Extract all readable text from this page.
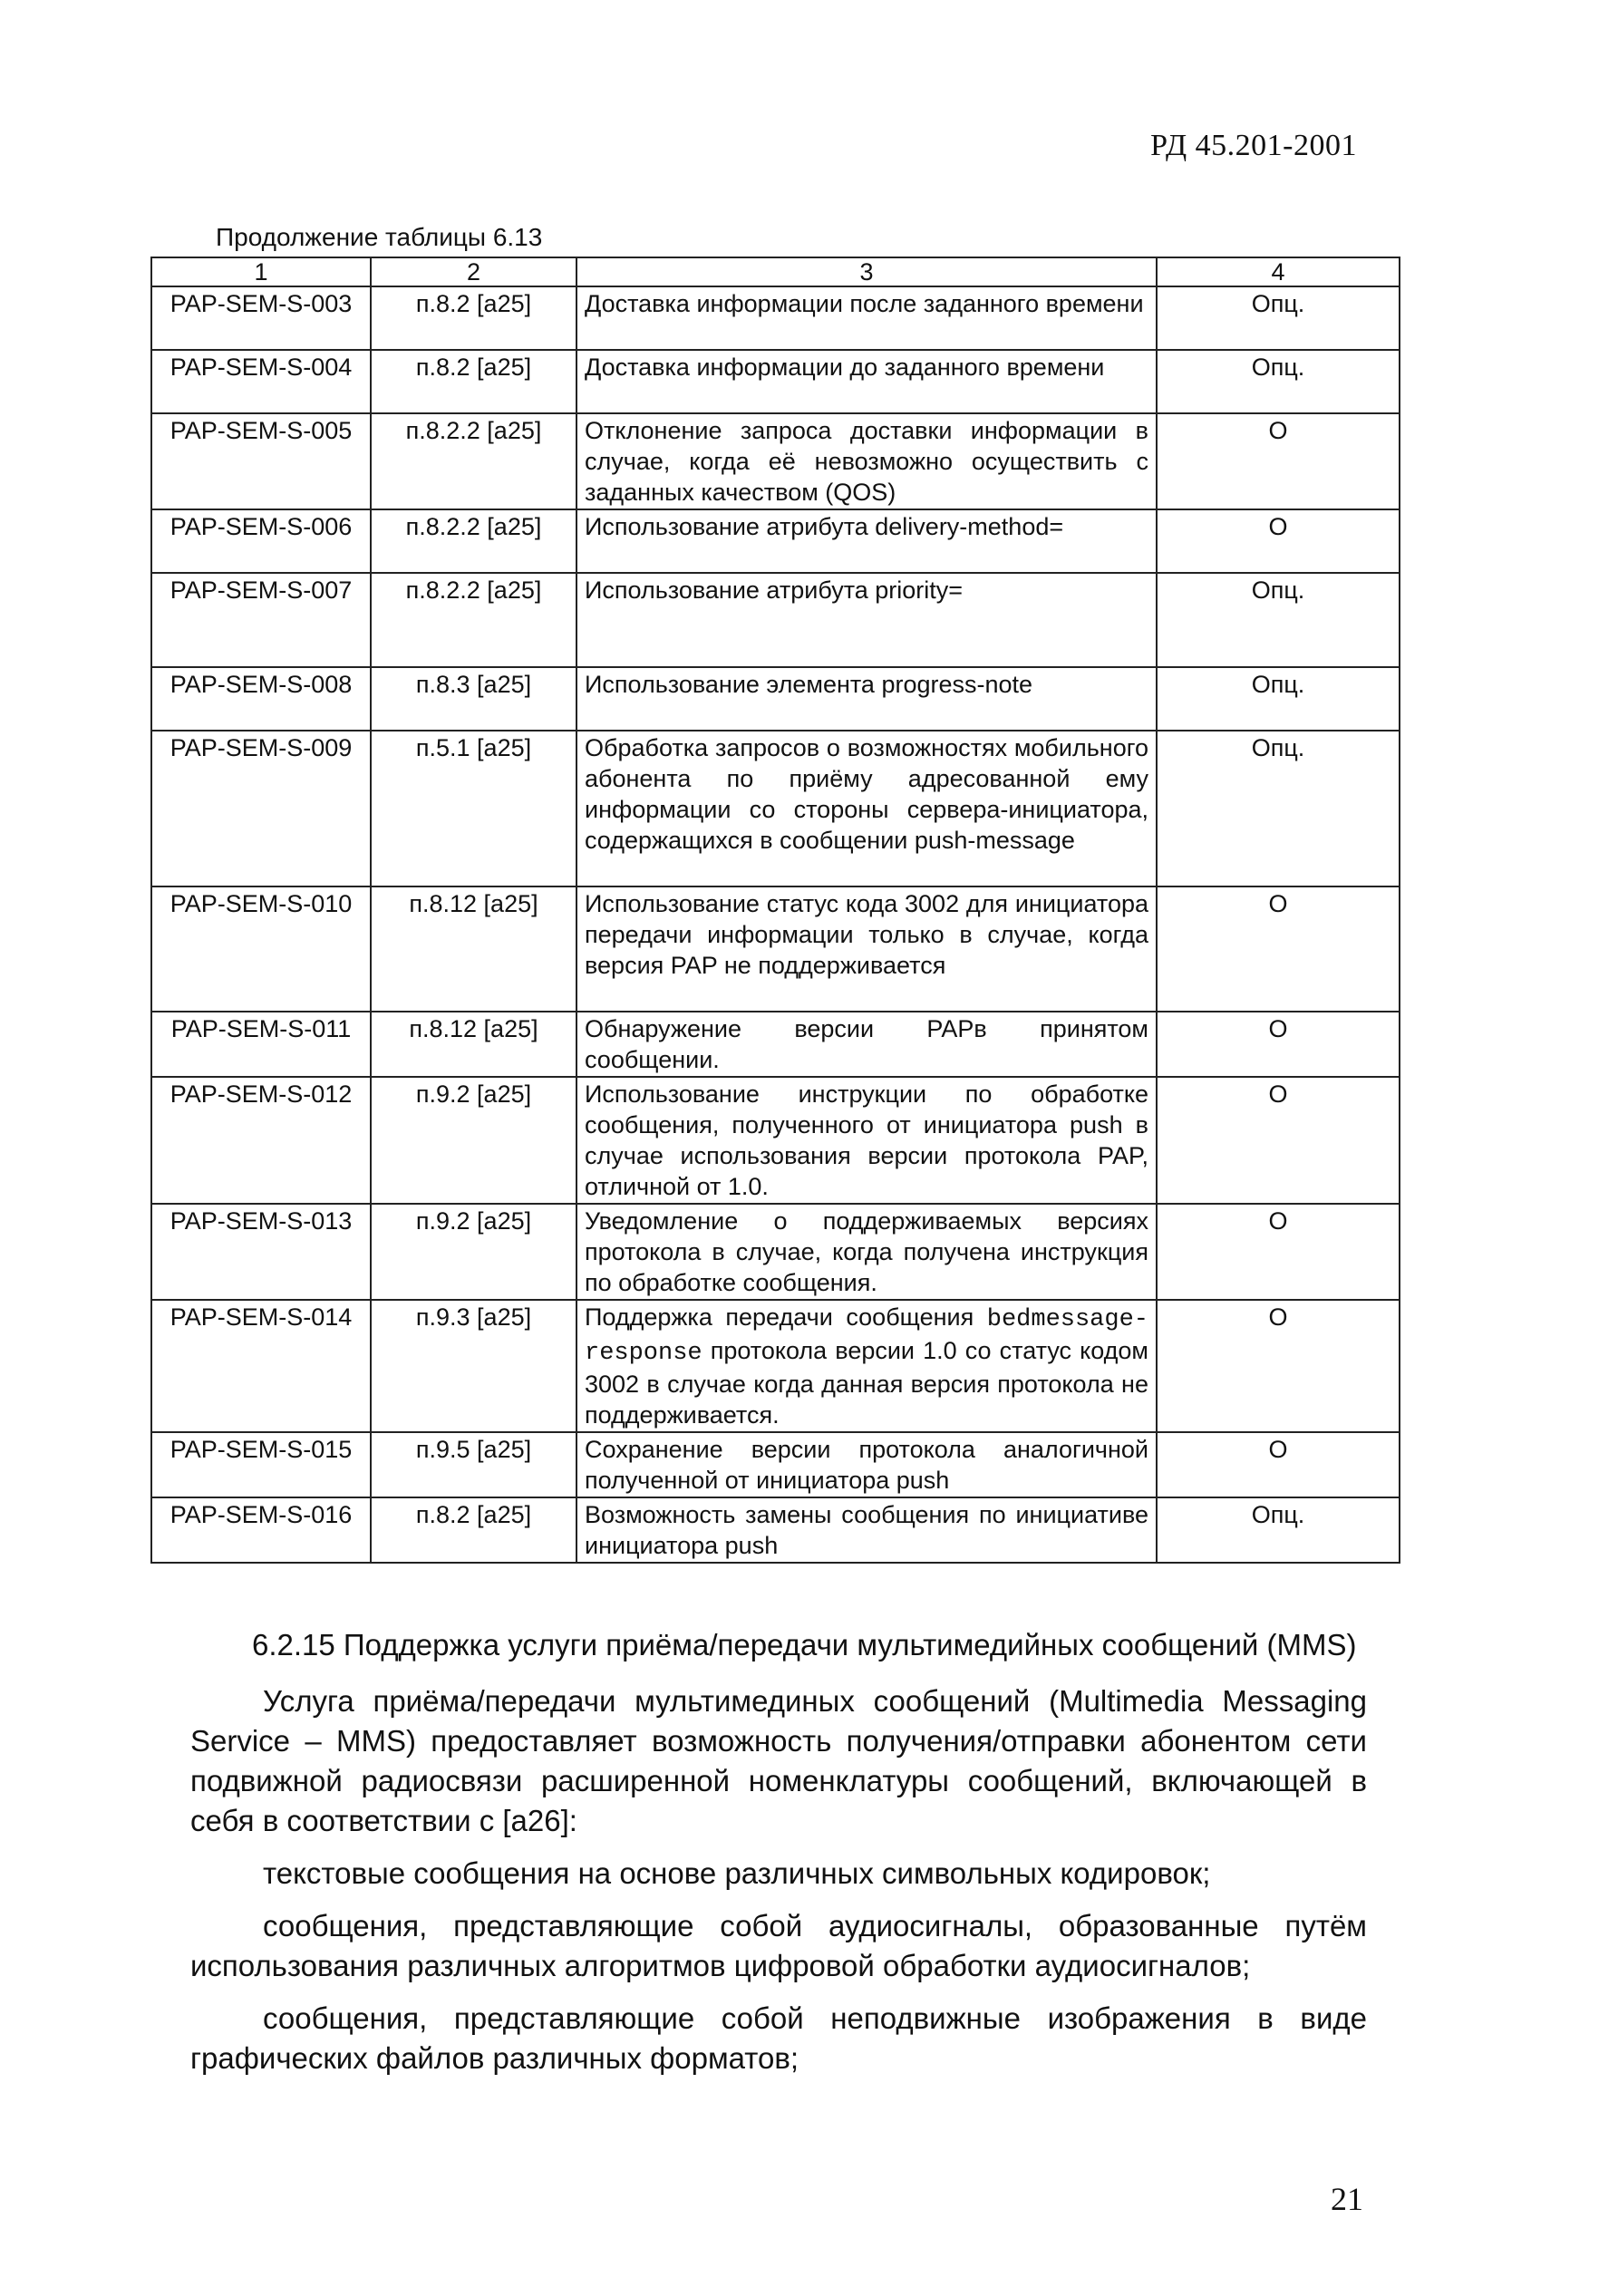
РД 45.201-2001
Продолжение таблицы 6.13
1	2	3	4
PAP-SEM-S-003	п.8.2 [a25]	Доставка информации после заданного времени	Опц.
PAP-SEM-S-004	п.8.2 [a25]	Доставка информации до заданного времени	Опц.
PAP-SEM-S-005	п.8.2.2 [a25]	Отклонение запроса доставки информации в случае, когда её невозможно осуществить с заданных качеством (QOS)	O
PAP-SEM-S-006	п.8.2.2 [a25]	Использование атрибута delivery-method=	O
PAP-SEM-S-007	п.8.2.2 [a25]	Использование атрибута priority=	Опц.
PAP-SEM-S-008	п.8.3 [a25]	Использование элемента progress-note	Опц.
PAP-SEM-S-009	п.5.1 [a25]	Обработка запросов о возможностях мобильного абонента по приёму адресованной ему информации со стороны сервера-инициатора, содержащихся в сообщении push-message	Опц.
PAP-SEM-S-010	п.8.12 [a25]	Использование статус кода 3002 для инициатора передачи информации только в случае, когда версия PAP не поддерживается	O
PAP-SEM-S-011	п.8.12 [a25]	Обнаружение версии PAPв принятом сообщении.	O
PAP-SEM-S-012	п.9.2 [a25]	Использование инструкции по обработке сообщения, полученного от инициатора push в случае использования версии протокола PAP, отличной от 1.0.	O
PAP-SEM-S-013	п.9.2 [a25]	Уведомление о поддерживаемых версиях протокола в случае, когда получена инструкция по обработке сообщения.	O
PAP-SEM-S-014	п.9.3 [a25]	Поддержка передачи сообщения bedmessage-response протокола версии 1.0 со статус кодом 3002 в случае когда данная версия протокола не поддерживается.	O
PAP-SEM-S-015	п.9.5 [a25]	Сохранение версии протокола аналогичной полученной от инициатора push	O
PAP-SEM-S-016	п.8.2 [a25]	Возможность замены сообщения по инициативе инициатора push	Опц.

6.2.15 Поддержка услуги приёма/передачи мультимедийных сообщений (MMS)

Услуга приёма/передачи мультимединых сообщений (Multimedia Messaging Service – MMS) предоставляет возможность получения/отправки абонентом сети подвижной радиосвязи расширенной номенклатуры сообщений, включающей в себя в соответствии с [a26]:

текстовые сообщения на основе различных символьных кодировок;

сообщения, представляющие собой аудиосигналы, образованные путём использования различных алгоритмов цифровой обработки аудиосигналов;

сообщения, представляющие собой неподвижные изображения в виде графических файлов различных форматов;

21
